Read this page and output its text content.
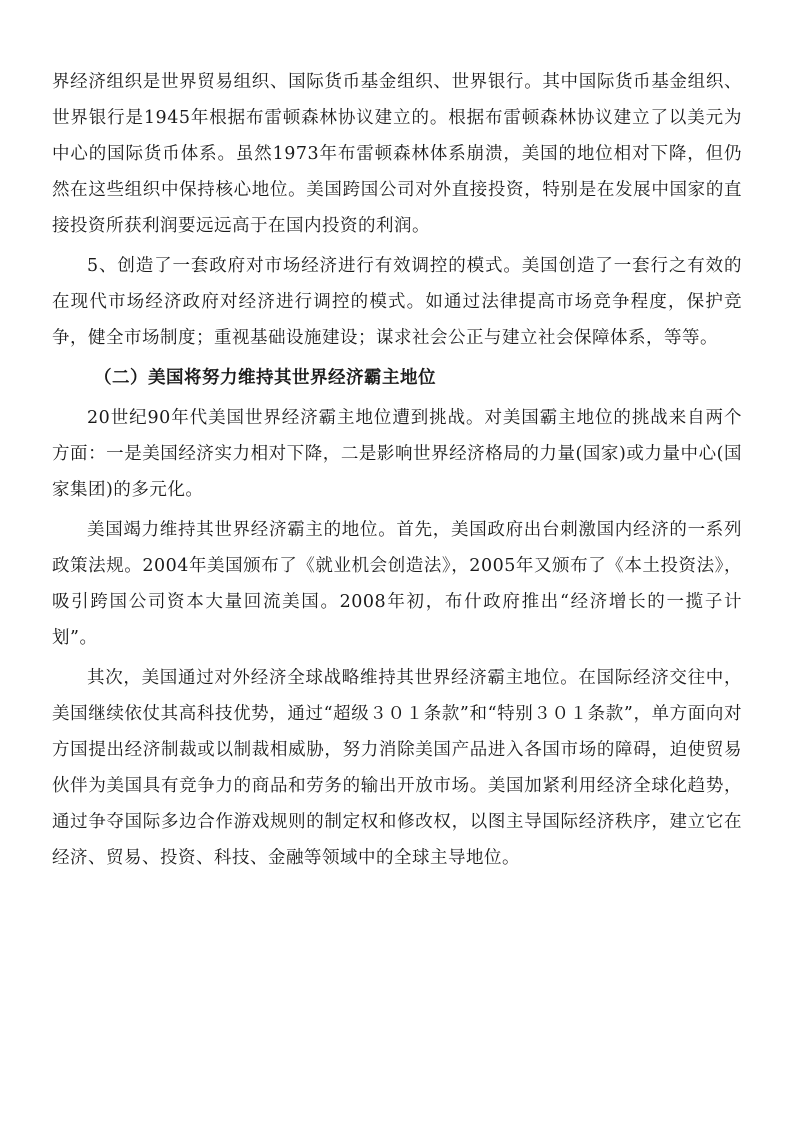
界经济组织是世界贸易组织、国际货币基金组织、世界银行。其中国际货币基金组织、世界银行是1945年根据布雷顿森林协议建立的。根据布雷顿森林协议建立了以美元为中心的国际货币体系。虽然1973年布雷顿森林体系崩溃，美国的地位相对下降，但仍然在这些组织中保持核心地位。美国跨国公司对外直接投资，特别是在发展中国家的直接投资所获利润要远远高于在国内投资的利润。

5、创造了一套政府对市场经济进行有效调控的模式。美国创造了一套行之有效的在现代市场经济政府对经济进行调控的模式。如通过法律提高市场竞争程度，保护竞争，健全市场制度；重视基础设施建设；谋求社会公正与建立社会保障体系，等等。

（二）美国将努力维持其世界经济霸主地位

20世纪90年代美国世界经济霸主地位遭到挑战。对美国霸主地位的挑战来自两个方面：一是美国经济实力相对下降，二是影响世界经济格局的力量(国家)或力量中心(国家集团)的多元化。

美国竭力维持其世界经济霸主的地位。首先，美国政府出台刺激国内经济的一系列政策法规。2004年美国颁布了《就业机会创造法》，2005年又颁布了《本土投资法》，吸引跨国公司资本大量回流美国。2008年初，布什政府推出“经济增长的一揽子计划”。

其次，美国通过对外经济全球战略维持其世界经济霸主地位。在国际经济交往中，美国继续依仗其高科技优势，通过“超级３０１条款”和“特别３０１条款”，单方面向对方国提出经济制裁或以制裁相威胁，努力消除美国产品进入各国市场的障碍，迫使贸易伙伴为美国具有竞争力的商品和劳务的输出开放市场。美国加紧利用经济全球化趋势，通过争夺国际多边合作游戏规则的制定权和修改权，以图主导国际经济秩序，建立它在经济、贸易、投资、科技、金融等领域中的全球主导地位。
